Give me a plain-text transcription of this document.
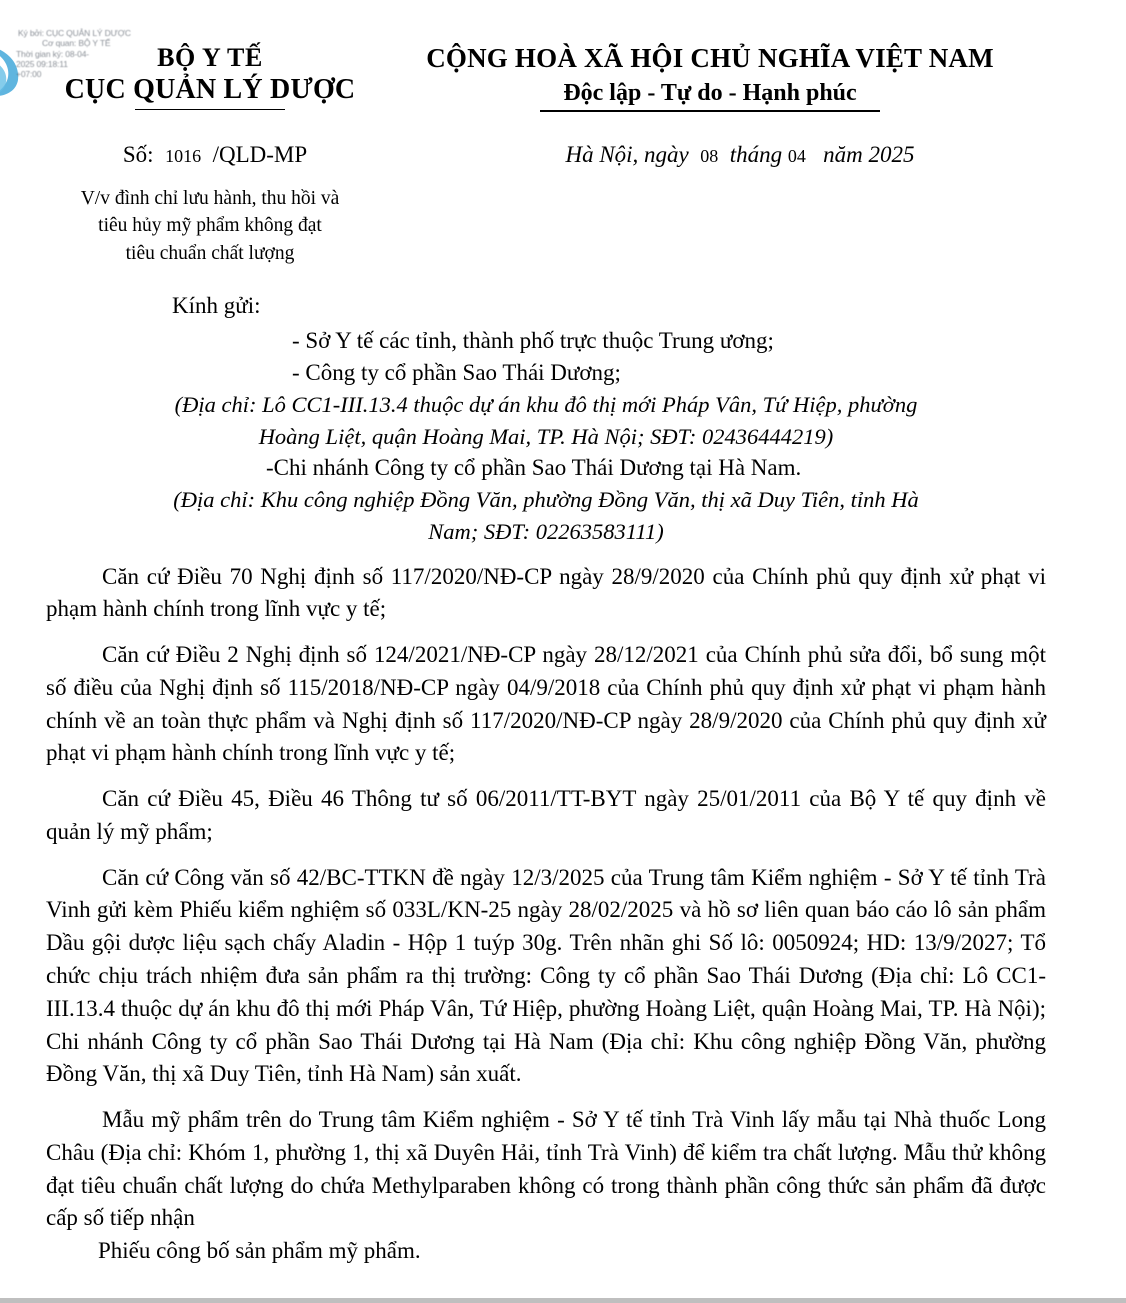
Ký bởi: CỤC QUẢN LÝ DƯỢC
Cơ quan: BỘ Y TẾ
Thời gian ký: 08-04-
2025 09:18:11
+07:00
BỘ Y TẾ
CỤC QUẢN LÝ DƯỢC
CỘNG HOÀ XÃ HỘI CHỦ NGHĨA VIỆT NAM
Độc lập - Tự do - Hạnh phúc
Số: 1016 /QLD-MP	Hà Nội, ngày 08 tháng 04 năm 2025
V/v đình chỉ lưu hành, thu hồi và
tiêu hủy mỹ phẩm không đạt
tiêu chuẩn chất lượng
Kính gửi:
- Sở Y tế các tỉnh, thành phố trực thuộc Trung ương;
- Công ty cổ phần Sao Thái Dương;
(Địa chỉ: Lô CC1-III.13.4 thuộc dự án khu đô thị mới Pháp Vân, Tứ Hiệp, phường
Hoàng Liệt, quận Hoàng Mai, TP. Hà Nội; SĐT: 02436444219)
-Chi nhánh Công ty cổ phần Sao Thái Dương tại Hà Nam.
(Địa chỉ: Khu công nghiệp Đồng Văn, phường Đồng Văn, thị xã Duy Tiên, tỉnh Hà
Nam; SĐT: 02263583111)

Căn cứ Điều 70 Nghị định số 117/2020/NĐ-CP ngày 28/9/2020 của Chính phủ quy định xử phạt vi phạm hành chính trong lĩnh vực y tế;

Căn cứ Điều 2 Nghị định số 124/2021/NĐ-CP ngày 28/12/2021 của Chính phủ sửa đổi, bổ sung một số điều của Nghị định số 115/2018/NĐ-CP ngày 04/9/2018 của Chính phủ quy định xử phạt vi phạm hành chính về an toàn thực phẩm và Nghị định số 117/2020/NĐ-CP ngày 28/9/2020 của Chính phủ quy định xử phạt vi phạm hành chính trong lĩnh vực y tế;

Căn cứ Điều 45, Điều 46 Thông tư số 06/2011/TT-BYT ngày 25/01/2011 của Bộ Y tế quy định về quản lý mỹ phẩm;

Căn cứ Công văn số 42/BC-TTKN đề ngày 12/3/2025 của Trung tâm Kiểm nghiệm - Sở Y tế tỉnh Trà Vinh gửi kèm Phiếu kiểm nghiệm số 033L/KN-25 ngày 28/02/2025 và hồ sơ liên quan báo cáo lô sản phẩm Dầu gội dược liệu sạch chấy Aladin - Hộp 1 tuýp 30g. Trên nhãn ghi Số lô: 0050924; HD: 13/9/2027; Tổ chức chịu trách nhiệm đưa sản phẩm ra thị trường: Công ty cổ phần Sao Thái Dương (Địa chỉ: Lô CC1-III.13.4 thuộc dự án khu đô thị mới Pháp Vân, Tứ Hiệp, phường Hoàng Liệt, quận Hoàng Mai, TP. Hà Nội); Chi nhánh Công ty cổ phần Sao Thái Dương tại Hà Nam (Địa chỉ: Khu công nghiệp Đồng Văn, phường Đồng Văn, thị xã Duy Tiên, tỉnh Hà Nam) sản xuất.

Mẫu mỹ phẩm trên do Trung tâm Kiểm nghiệm - Sở Y tế tỉnh Trà Vinh lấy mẫu tại Nhà thuốc Long Châu (Địa chỉ: Khóm 1, phường 1, thị xã Duyên Hải, tỉnh Trà Vinh) để kiểm tra chất lượng. Mẫu thử không đạt tiêu chuẩn chất lượng do chứa Methylparaben không có trong thành phần công thức sản phẩm đã được cấp số tiếp nhận

Phiếu công bố sản phẩm mỹ phẩm.
